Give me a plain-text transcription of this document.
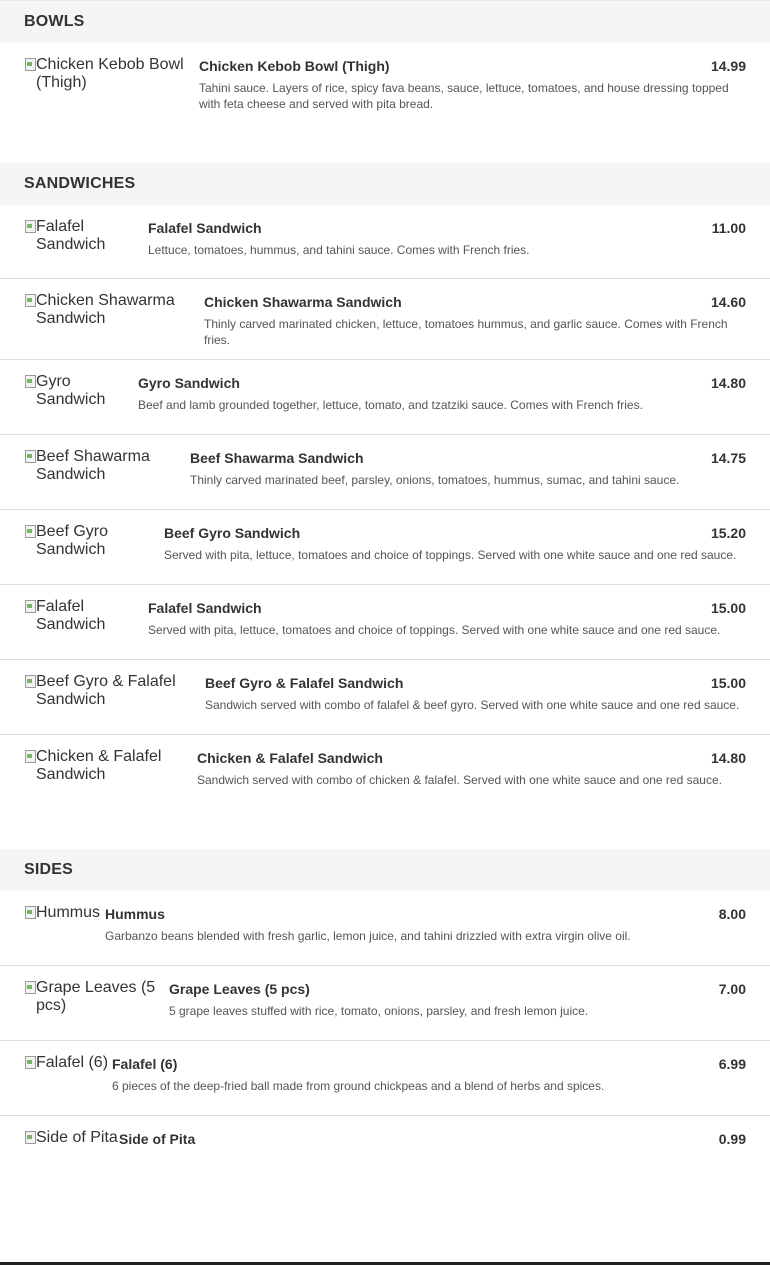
BOWLS
Chicken Kebob Bowl (Thigh)
Chicken Kebob Bowl (Thigh)	14.99
Tahini sauce. Layers of rice, spicy fava beans, sauce, lettuce, tomatoes, and house dressing topped with feta cheese and served with pita bread.
SANDWICHES
Falafel Sandwich
Falafel Sandwich	11.00
Lettuce, tomatoes, hummus, and tahini sauce. Comes with French fries.
Chicken Shawarma Sandwich
Chicken Shawarma Sandwich	14.60
Thinly carved marinated chicken, lettuce, tomatoes hummus, and garlic sauce. Comes with French fries.
Gyro Sandwich
Gyro Sandwich	14.80
Beef and lamb grounded together, lettuce, tomato, and tzatziki sauce. Comes with French fries.
Beef Shawarma Sandwich
Beef Shawarma Sandwich	14.75
Thinly carved marinated beef, parsley, onions, tomatoes, hummus, sumac, and tahini sauce.
Beef Gyro Sandwich
Beef Gyro Sandwich	15.20
Served with pita, lettuce, tomatoes and choice of toppings. Served with one white sauce and one red sauce.
Falafel Sandwich
Falafel Sandwich	15.00
Served with pita, lettuce, tomatoes and choice of toppings. Served with one white sauce and one red sauce.
Beef Gyro & Falafel Sandwich
Beef Gyro & Falafel Sandwich	15.00
Sandwich served with combo of falafel & beef gyro. Served with one white sauce and one red sauce.
Chicken & Falafel Sandwich
Chicken & Falafel Sandwich	14.80
Sandwich served with combo of chicken & falafel. Served with one white sauce and one red sauce.
SIDES
Hummus Hummus	8.00
Garbanzo beans blended with fresh garlic, lemon juice, and tahini drizzled with extra virgin olive oil.
Grape Leaves (5 pcs)
Grape Leaves (5 pcs)	7.00
5 grape leaves stuffed with rice, tomato, onions, parsley, and fresh lemon juice.
Falafel (6) Falafel (6)	6.99
6 pieces of the deep-fried ball made from ground chickpeas and a blend of herbs and spices.
Side of Pita Side of Pita	0.99
